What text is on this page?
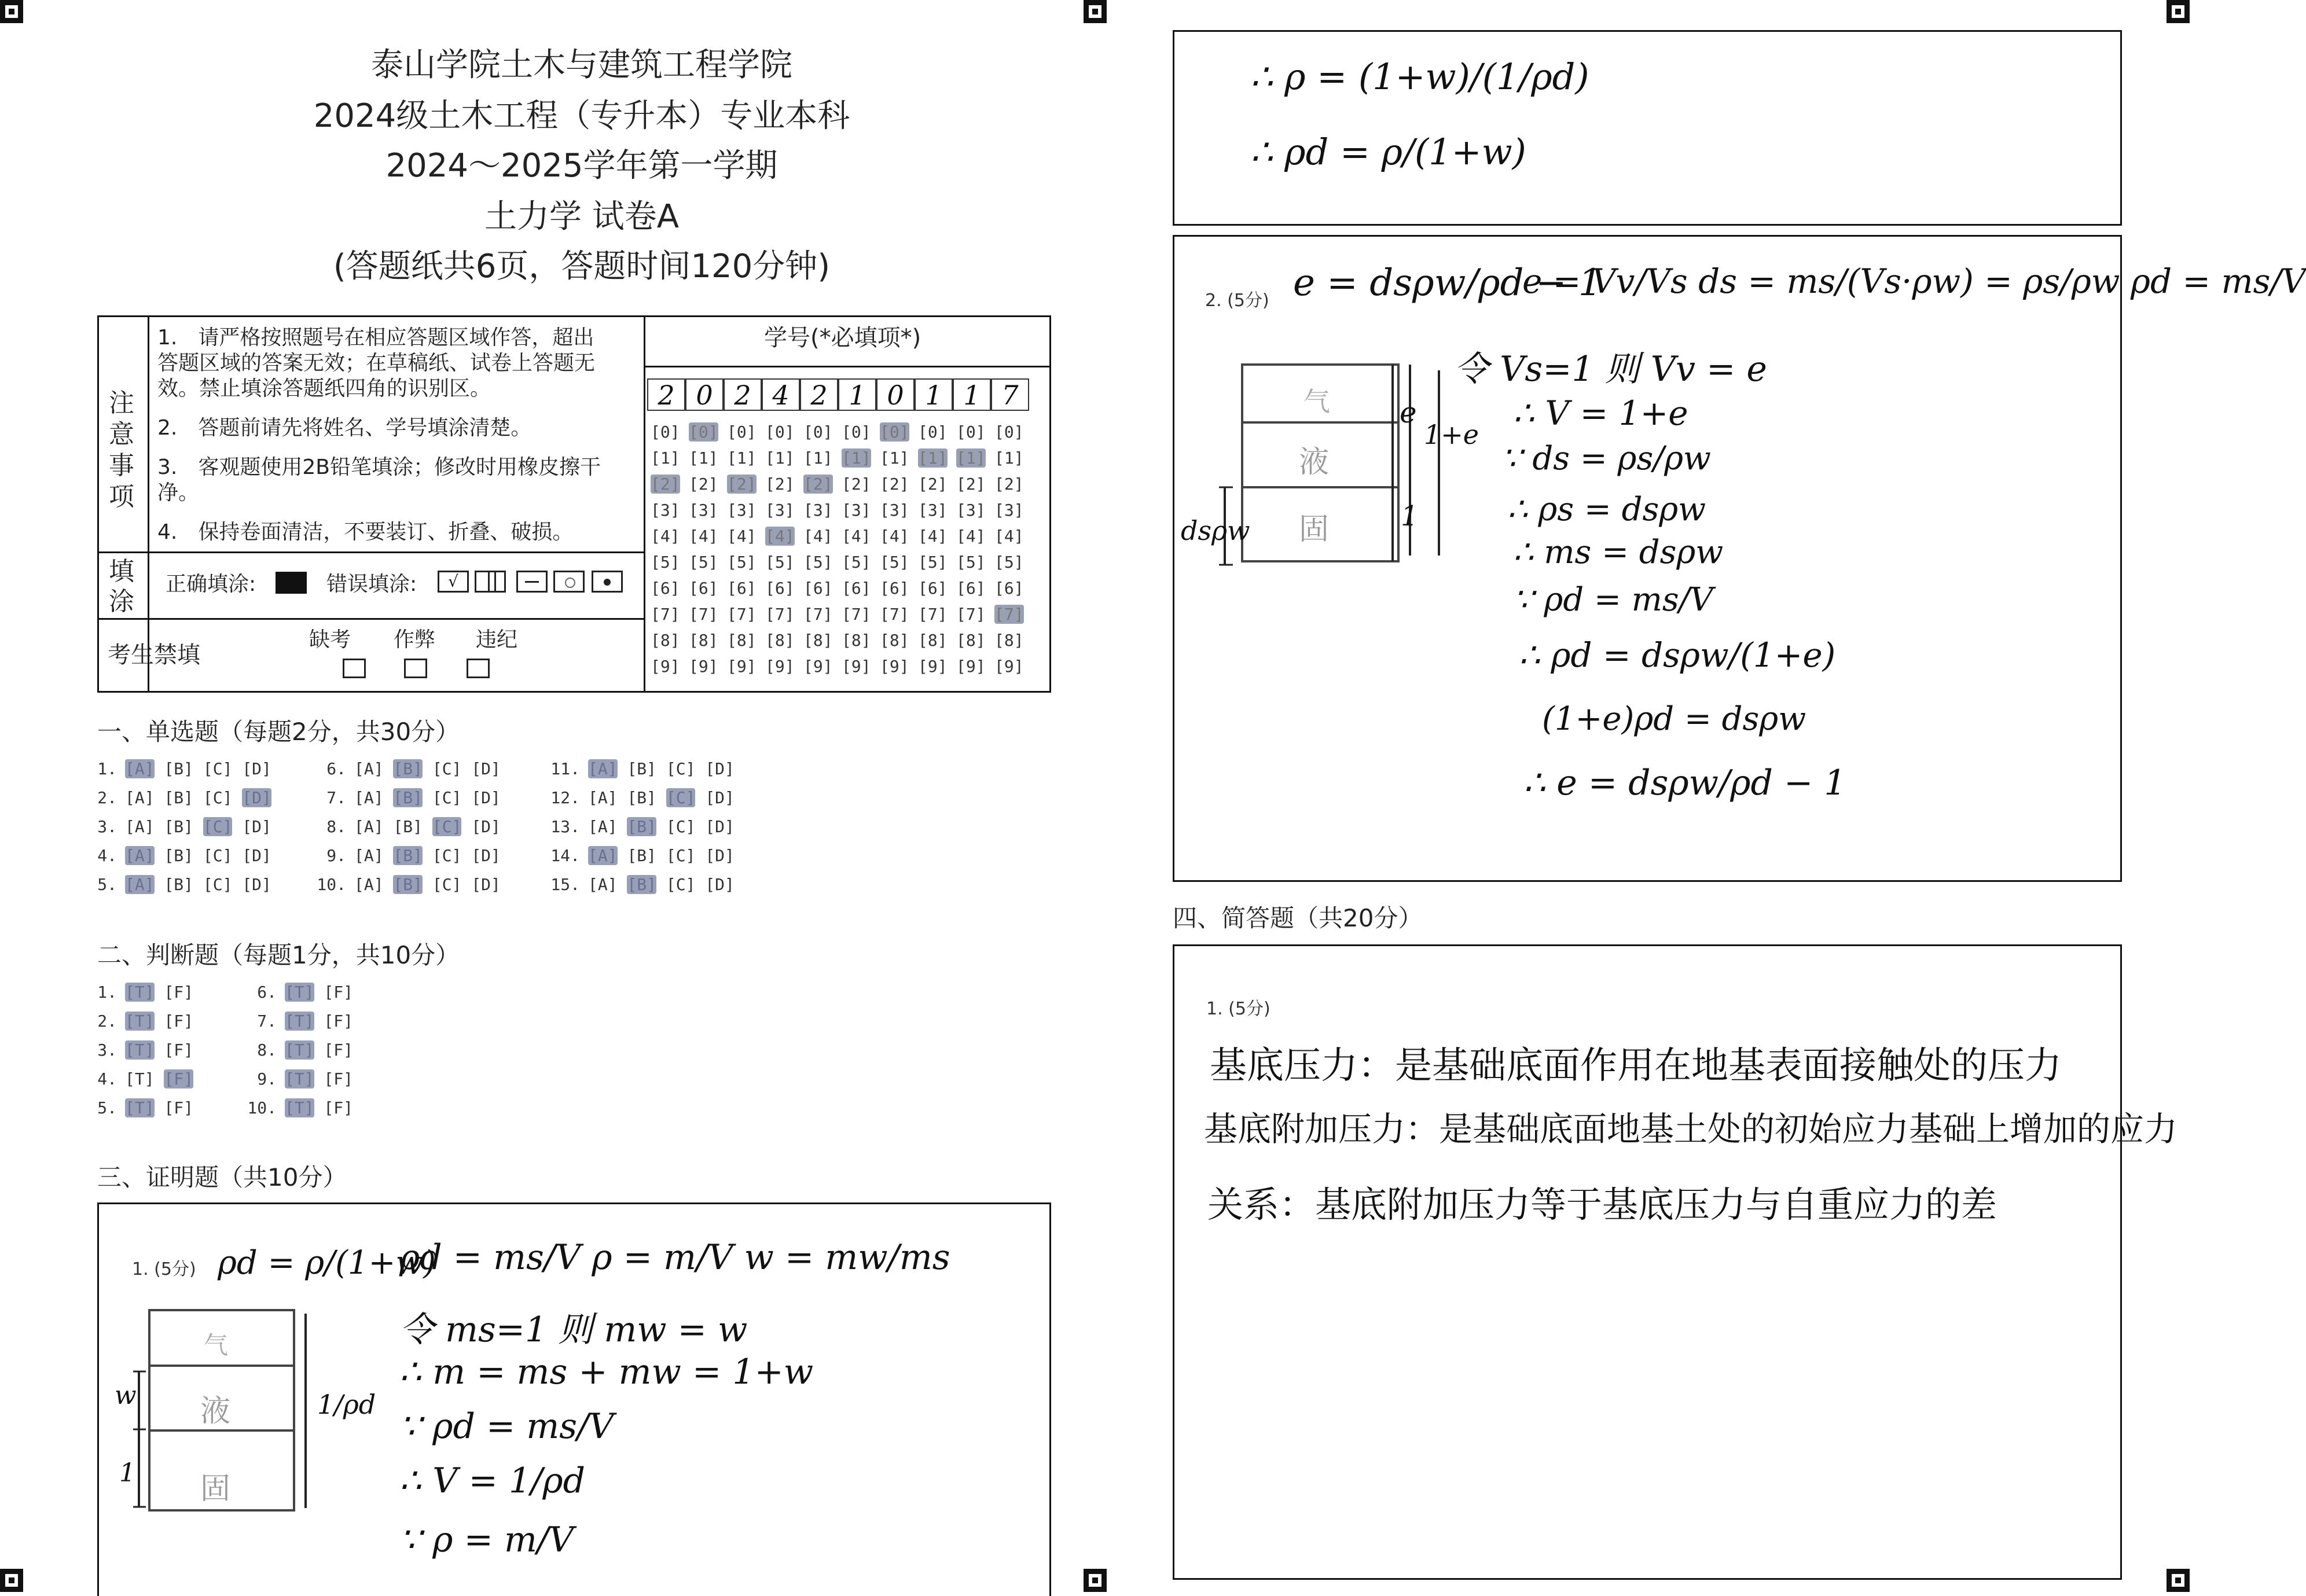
泰山学院土木与建筑工程学院
2024级土木工程（专升本）专业本科
2024～2025学年第一学期
土力学 试卷A
(答题纸共6页，答题时间120分钟)
注意事项
1.　请严格按照题号在相应答题区域作答，超出答题区域的答案无效；在草稿纸、试卷上答题无效。禁止填涂答题纸四角的识别区。
2.　答题前请先将姓名、学号填涂清楚。
3.　客观题使用2B铅笔填涂；修改时用橡皮擦干净。
4.　保持卷面清洁，不要装订、折叠、破损。
填涂
正确填涂:	错误填涂:	√
考生禁填
缺考 作弊 违纪
学号(*必填项*)
2 0 2 4 2 1 0 1 1 7
[0]
[1]
[2]
[3]
[4]
[5]
[6]
[7]
[8]
[9]
[0]
[1]
[2]
[3]
[4]
[5]
[6]
[7]
[8]
[9]
[0]
[1]
[2]
[3]
[4]
[5]
[6]
[7]
[8]
[9]
[0]
[1]
[2]
[3]
[4]
[5]
[6]
[7]
[8]
[9]
[0]
[1]
[2]
[3]
[4]
[5]
[6]
[7]
[8]
[9]
[0]
[1]
[2]
[3]
[4]
[5]
[6]
[7]
[8]
[9]
[0]
[1]
[2]
[3]
[4]
[5]
[6]
[7]
[8]
[9]
[0]
[1]
[2]
[3]
[4]
[5]
[6]
[7]
[8]
[9]
[0]
[1]
[2]
[3]
[4]
[5]
[6]
[7]
[8]
[9]
[0]
[1]
[2]
[3]
[4]
[5]
[6]
[7]
[8]
[9]
一、单选题（每题2分，共30分）
1. [A] [B] [C] [D]
2. [A] [B] [C] [D]
3. [A] [B] [C] [D]
4. [A] [B] [C] [D]
5. [A] [B] [C] [D]
6. [A] [B] [C] [D]
7. [A] [B] [C] [D]
8. [A] [B] [C] [D]
9. [A] [B] [C] [D]
10. [A] [B] [C] [D]
11. [A] [B] [C] [D]
12. [A] [B] [C] [D]
13. [A] [B] [C] [D]
14. [A] [B] [C] [D]
15. [A] [B] [C] [D]
二、判断题（每题1分，共10分）
1. [T] [F]
2. [T] [F]
3. [T] [F]
4. [T] [F]
5. [T] [F]
6. [T] [F]
7. [T] [F]
8. [T] [F]
9. [T] [F]
10. [T] [F]
三、证明题（共10分）
1. (5分) ρd = ρ/(1+w)
ρd = ms/V ρ = m/V w = mw/ms
令 ms=1 则 mw = w
∴ m = ms + mw = 1+w
∵ ρd = ms/V
∴ V = 1/ρd
∵ ρ = m/V
气
液
固
w
1
1/ρd
∴ ρ = (1+w)/(1/ρd)
∴ ρd = ρ/(1+w)
2. (5分) e = dsρw/ρd − 1
e = Vv/Vs ds = ms/(Vs·ρw) = ρs/ρw ρd = ms/V
令 Vs=1 则 Vv = e
∴ V = 1+e
∵ ds = ρs/ρw
∴ ρs = dsρw
∴ ms = dsρw
∵ ρd = ms/V
∴ ρd = dsρw/(1+e)
(1+e)ρd = dsρw
∴ e = dsρw/ρd − 1
气
液
固
e
1+e
1
dsρw
四、简答题（共20分）
1. (5分)
基底压力：是基础底面作用在地基表面接触处的压力
基底附加压力：是基础底面地基土处的初始应力基础上增加的应力
关系：基底附加压力等于基底压力与自重应力的差
